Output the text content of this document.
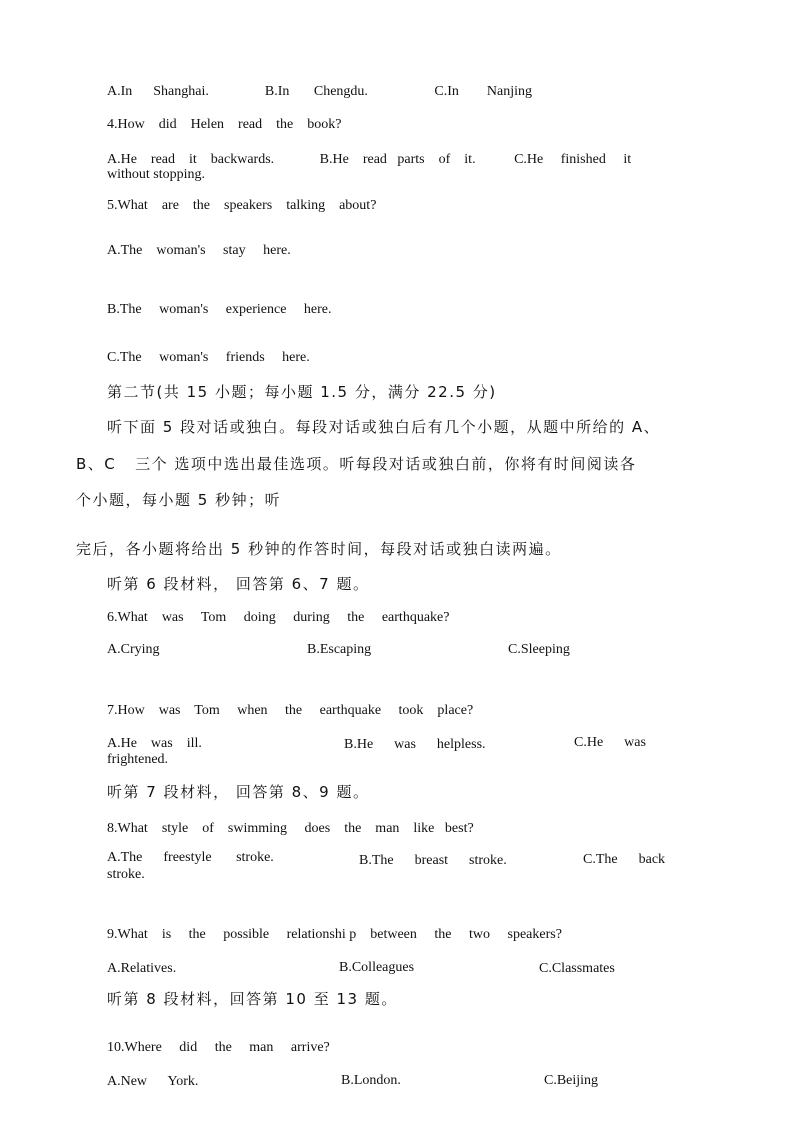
A.In      Shanghai.                B.In       Chengdu.                   C.In        Nanjing
4.How    did    Helen    read    the    book?
A.He    read    it    backwards.             B.He    read   parts    of    it.           C.He     finished     it
without stopping.
5.What    are    the    speakers    talking    about?
A.The    woman's     stay     here.
B.The     woman's     experience     here.
C.The     woman's     friends     here.
第二节(共 15 小题；每小题 1.5 分，满分 22.5 分)
听下面 5 段对话或独白。每段对话或独白后有几个小题，从题中所给的 A、
B、C   三个 选项中选出最佳选项。听每段对话或独白前，你将有时间阅读各
个小题，每小题 5 秒钟；听
完后，各小题将给出 5 秒钟的作答时间，每段对话或独白读两遍。
听第 6 段材料， 回答第 6、7 题。
6.What    was     Tom     doing     during     the     earthquake?
A.Crying	B.Escaping	C.Sleeping
7.How    was    Tom     when     the     earthquake     took    place?
A.He    was    ill.	B.He      was      helpless.	C.He      was
frightened.
听第 7 段材料， 回答第 8、9 题。
8.What    style    of    swimming     does    the    man    like   best?
A.The      freestyle       stroke.	B.The      breast      stroke.	C.The      back
stroke.
9.What    is     the     possible     relationshi p    between     the     two     speakers?
A.Relatives.	B.Colleagues	C.Classmates
听第 8 段材料，回答第 10 至 13 题。
10.Where     did     the     man     arrive?
A.New      York.	B.London.	C.Beijing
